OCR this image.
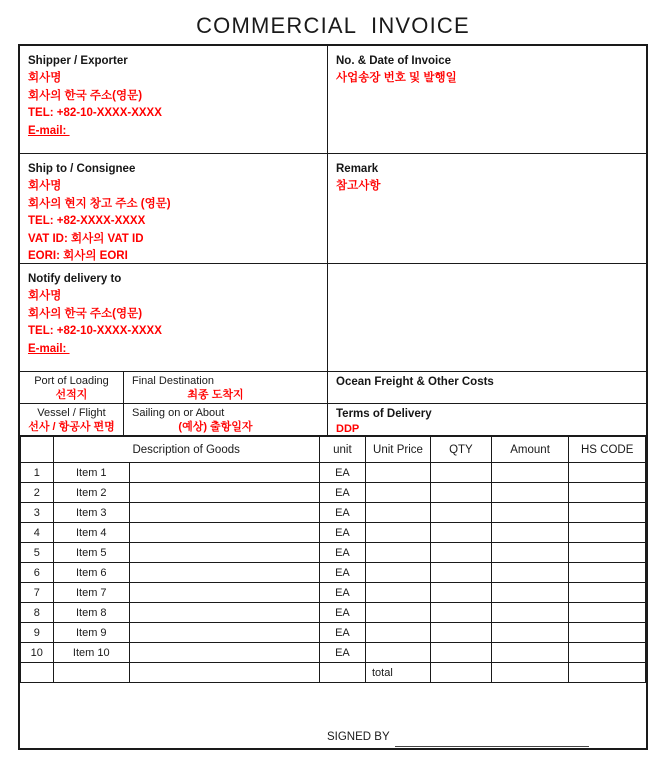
COMMERCIAL  INVOICE
Shipper / Exporter
회사명
회사의 한국 주소(영문)
TEL: +82-10-XXXX-XXXX
E-mail:
No. & Date of Invoice
사업송장 번호 및 발행일
Ship to / Consignee
회사명
회사의 현지 창고 주소 (영문)
TEL: +82-XXXX-XXXX
VAT ID: 회사의 VAT ID
EORI: 회사의 EORI
Remark
참고사항
Notify delivery to
회사명
회사의 한국 주소(영문)
TEL: +82-10-XXXX-XXXX
E-mail:
Port of Loading
선적지
Final Destination
최종 도착지
Ocean Freight & Other Costs
Vessel / Flight
선사 / 항공사 편명
Sailing on or About
(예상) 출항일자
Terms of Delivery
DDP
	Description of Goods		unit	Unit Price	QTY	Amount	HS CODE
1	Item 1		EA				
2	Item 2		EA				
3	Item 3		EA				
4	Item 4		EA				
5	Item 5		EA				
6	Item 6		EA				
7	Item 7		EA				
8	Item 8		EA				
9	Item 9		EA				
10	Item 10		EA				
				total			
SIGNED BY
